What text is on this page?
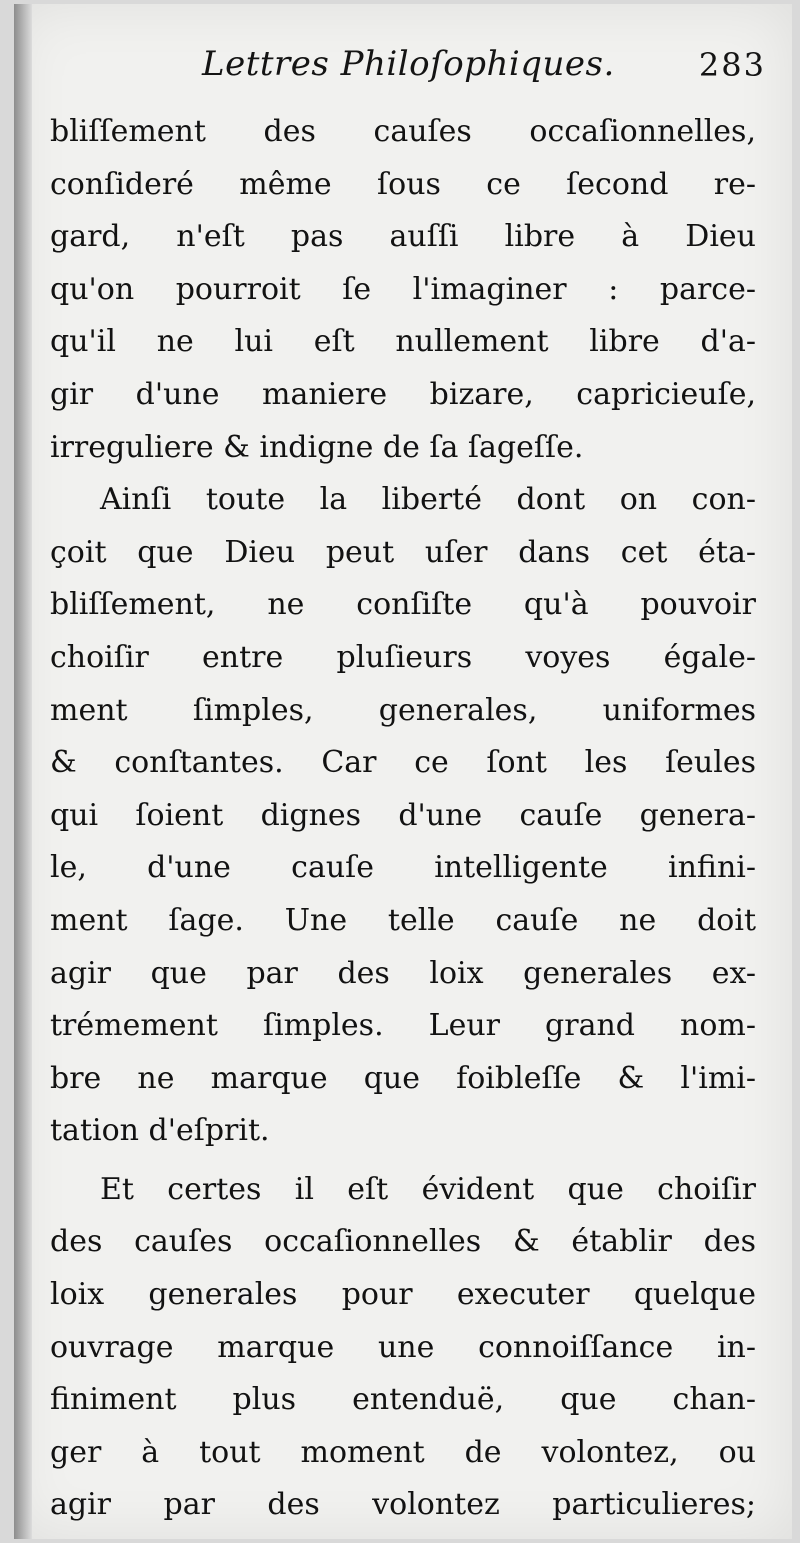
Lettres Philoſophiques.	283
bliſſement des cauſes occaſionnelles,
conſideré même ſous ce ſecond re-
gard, n'eſt pas auſſi libre à Dieu
qu'on pourroit ſe l'imaginer : parce-
qu'il ne lui eſt nullement libre d'a-
gir d'une maniere bizare, capricieuſe,
irreguliere & indigne de ſa ſageſſe.
Ainſi toute la liberté dont on con-
çoit que Dieu peut uſer dans cet éta-
bliſſement, ne conſiſte qu'à pouvoir
choiſir entre pluſieurs voyes égale-
ment ſimples, generales, uniformes
& conſtantes. Car ce ſont les ſeules
qui ſoient dignes d'une cauſe genera-
le, d'une cauſe intelligente infini-
ment ſage. Une telle cauſe ne doit
agir que par des loix generales ex-
trémement ſimples. Leur grand nom-
bre ne marque que foibleſſe & l'imi-
tation d'eſprit.
Et certes il eſt évident que choiſir
des cauſes occaſionnelles & établir des
loix generales pour executer quelque
ouvrage marque une connoiſſance in-
finiment plus entenduë, que chan-
ger à tout moment de volontez, ou
agir par des volontez particulieres;
